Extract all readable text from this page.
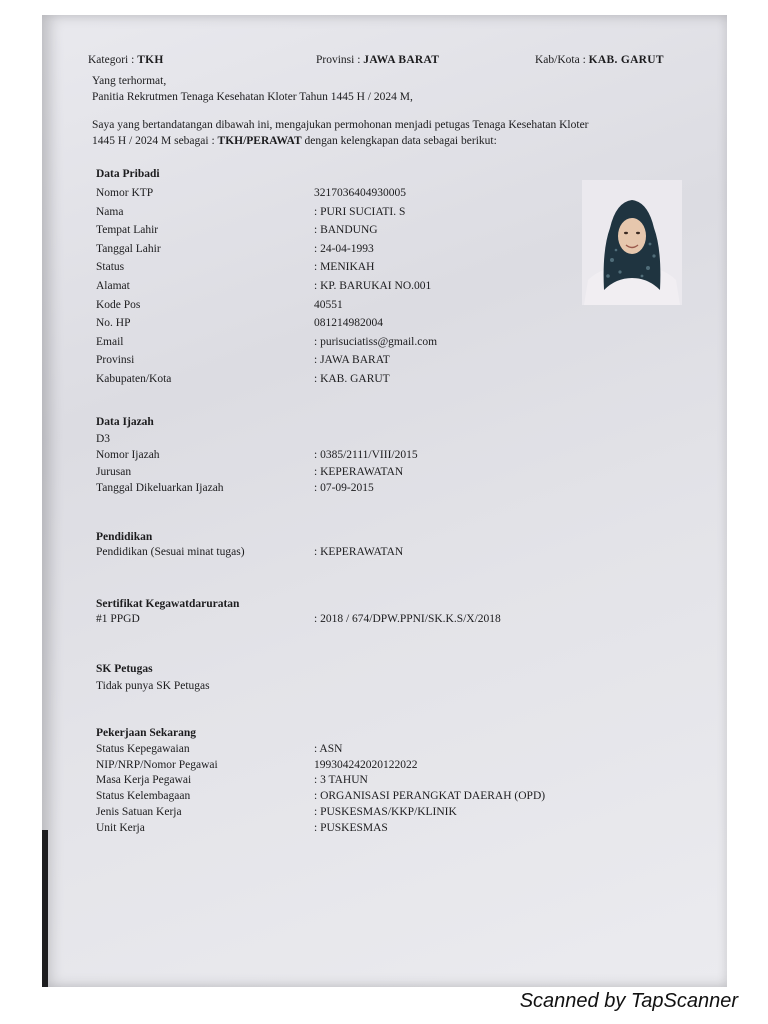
Kategori : TKH	Provinsi : JAWA BARAT	Kab/Kota : KAB. GARUT
Yang terhormat,
Panitia Rekrutmen Tenaga Kesehatan Kloter Tahun 1445 H / 2024 M,
Saya yang bertandatangan dibawah ini, mengajukan permohonan menjadi petugas Tenaga Kesehatan Kloter
1445 H / 2024 M sebagai : TKH/PERAWAT dengan kelengkapan data sebagai berikut:
Data Pribadi
Nomor KTP	3217036404930005
Nama	: PURI SUCIATI. S
Tempat Lahir	: BANDUNG
Tanggal Lahir	: 24-04-1993
Status	: MENIKAH
Alamat	: KP. BARUKAI NO.001
Kode Pos	40551
No. HP	081214982004
Email	: purisuciatiss@gmail.com
Provinsi	: JAWA BARAT
Kabupaten/Kota	: KAB. GARUT
Data Ijazah
D3
Nomor Ijazah	: 0385/2111/VIII/2015
Jurusan	: KEPERAWATAN
Tanggal Dikeluarkan Ijazah	: 07-09-2015
Pendidikan
Pendidikan (Sesuai minat tugas)	: KEPERAWATAN
Sertifikat Kegawatdaruratan
#1 PPGD	: 2018 / 674/DPW.PPNI/SK.K.S/X/2018
SK Petugas
Tidak punya SK Petugas
Pekerjaan Sekarang
Status Kepegawaian	: ASN
NIP/NRP/Nomor Pegawai	199304242020122022
Masa Kerja Pegawai	: 3 TAHUN
Status Kelembagaan	: ORGANISASI PERANGKAT DAERAH (OPD)
Jenis Satuan Kerja	: PUSKESMAS/KKP/KLINIK
Unit Kerja	: PUSKESMAS
Scanned by TapScanner
